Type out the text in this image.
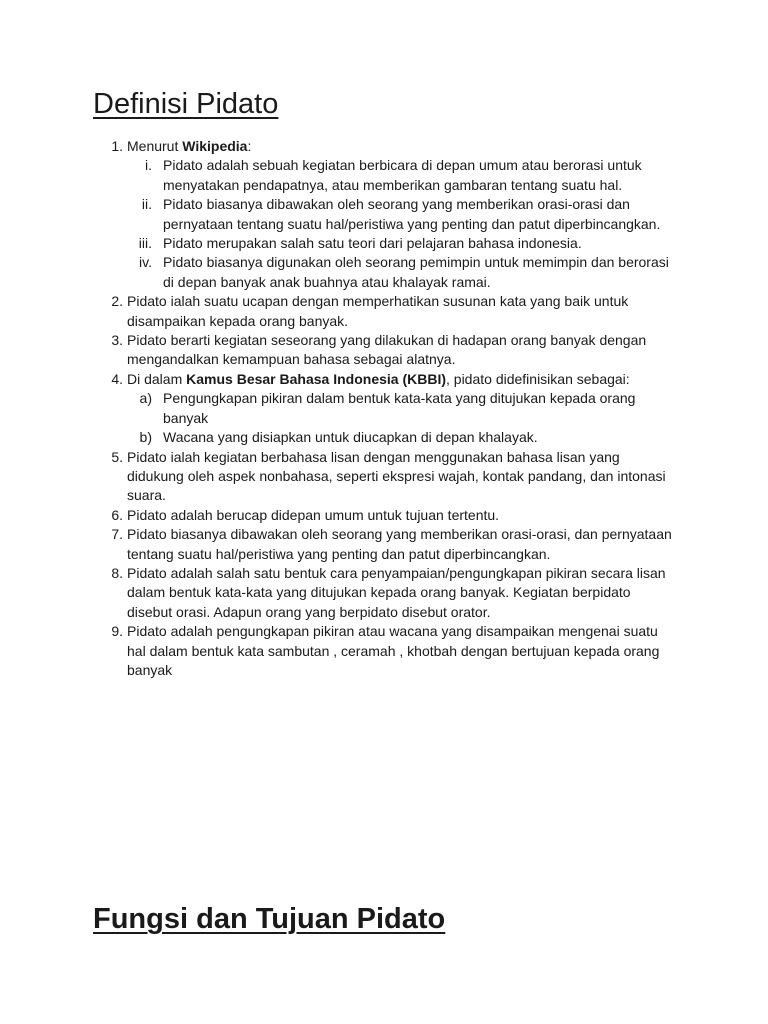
Definisi Pidato
1. Menurut Wikipedia:
i. Pidato adalah sebuah kegiatan berbicara di depan umum atau berorasi untuk menyatakan pendapatnya, atau memberikan gambaran tentang suatu hal.
ii. Pidato biasanya dibawakan oleh seorang yang memberikan orasi-orasi dan pernyataan tentang suatu hal/peristiwa yang penting dan patut diperbincangkan.
iii. Pidato merupakan salah satu teori dari pelajaran bahasa indonesia.
iv. Pidato biasanya digunakan oleh seorang pemimpin untuk memimpin dan berorasi di depan banyak anak buahnya atau khalayak ramai.
2. Pidato ialah suatu ucapan dengan memperhatikan susunan kata yang baik untuk disampaikan kepada orang banyak.
3. Pidato berarti kegiatan seseorang yang dilakukan di hadapan orang banyak dengan mengandalkan kemampuan bahasa sebagai alatnya.
4. Di dalam Kamus Besar Bahasa Indonesia (KBBI), pidato didefinisikan sebagai:
a) Pengungkapan pikiran dalam bentuk kata-kata yang ditujukan kepada orang banyak
b) Wacana yang disiapkan untuk diucapkan di depan khalayak.
5. Pidato ialah kegiatan berbahasa lisan dengan menggunakan bahasa lisan yang didukung oleh aspek nonbahasa, seperti ekspresi wajah, kontak pandang, dan intonasi suara.
6. Pidato adalah berucap didepan umum untuk tujuan tertentu.
7. Pidato biasanya dibawakan oleh seorang yang memberikan orasi-orasi, dan pernyataan tentang suatu hal/peristiwa yang penting dan patut diperbincangkan.
8. Pidato adalah salah satu bentuk cara penyampaian/pengungkapan pikiran secara lisan dalam bentuk kata-kata yang ditujukan kepada orang banyak. Kegiatan berpidato disebut orasi. Adapun orang yang berpidato disebut orator.
9. Pidato adalah pengungkapan pikiran atau wacana yang disampaikan mengenai suatu hal dalam bentuk kata sambutan , ceramah , khotbah dengan bertujuan kepada orang banyak
Fungsi dan Tujuan Pidato
